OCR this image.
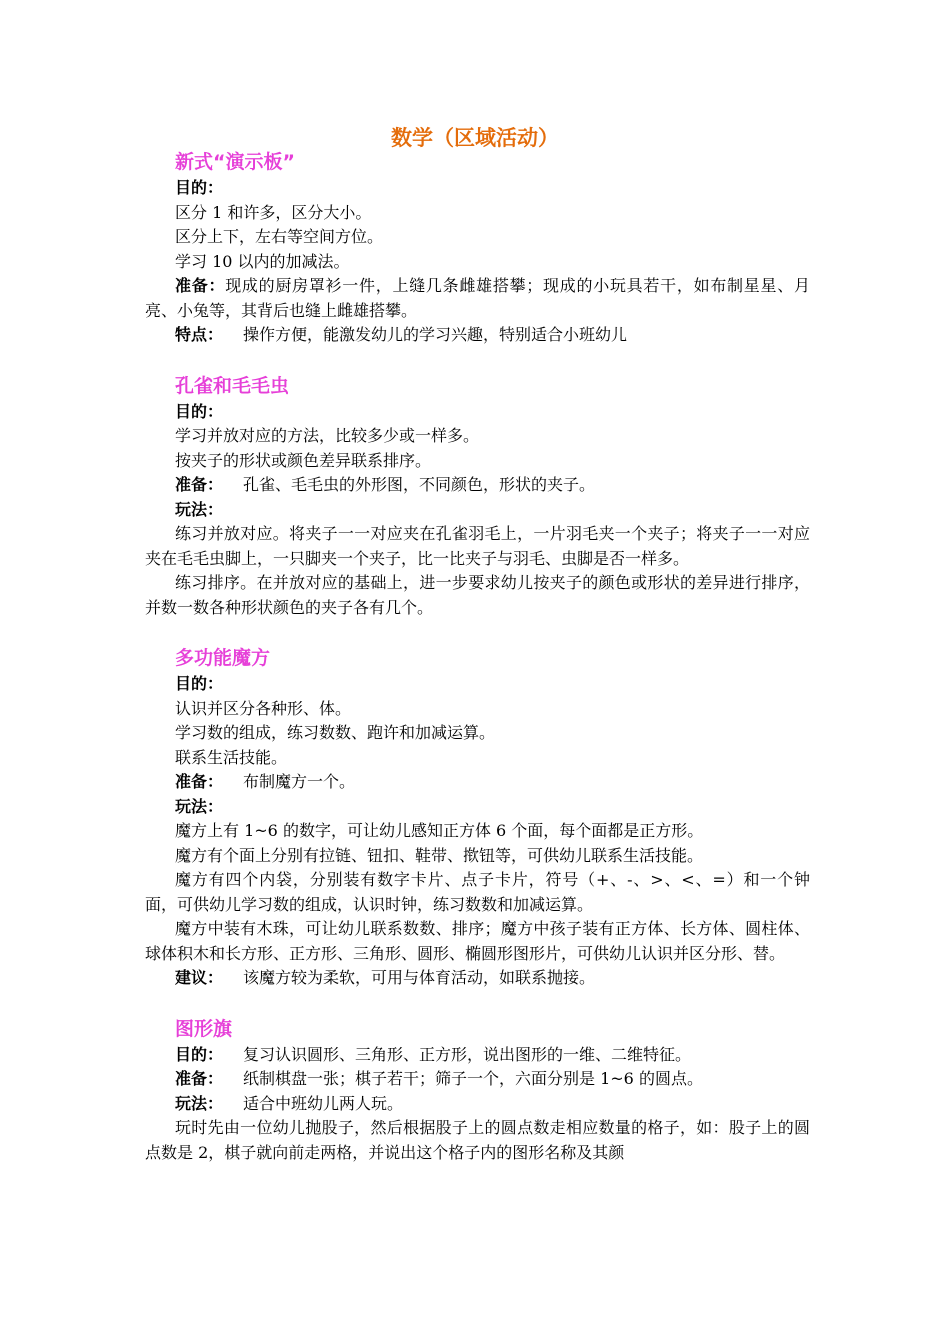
数学（区域活动）
新式“演示板”
目的：
区分 1 和许多，区分大小。
区分上下，左右等空间方位。
学习 10 以内的加减法。
准备：现成的厨房罩衫一件，上缝几条雌雄搭攀；现成的小玩具若干，如布制星星、月亮、小兔等，其背后也缝上雌雄搭攀。
特点： 操作方便，能激发幼儿的学习兴趣，特别适合小班幼儿
孔雀和毛毛虫
目的：
学习并放对应的方法，比较多少或一样多。
按夹子的形状或颜色差异联系排序。
准备： 孔雀、毛毛虫的外形图，不同颜色，形状的夹子。
玩法：
练习并放对应。将夹子一一对应夹在孔雀羽毛上，一片羽毛夹一个夹子；将夹子一一对应夹在毛毛虫脚上，一只脚夹一个夹子，比一比夹子与羽毛、虫脚是否一样多。
练习排序。在并放对应的基础上，进一步要求幼儿按夹子的颜色或形状的差异进行排序，并数一数各种形状颜色的夹子各有几个。
多功能魔方
目的：
认识并区分各种形、体。
学习数的组成，练习数数、跑许和加减运算。
联系生活技能。
准备： 布制魔方一个。
玩法：
魔方上有 1~6 的数字，可让幼儿感知正方体 6 个面，每个面都是正方形。
魔方有个面上分别有拉链、钮扣、鞋带、揿钮等，可供幼儿联系生活技能。
魔方有四个内袋，分别装有数字卡片、点子卡片，符号（+、-、>、<、=）和一个钟面，可供幼儿学习数的组成，认识时钟，练习数数和加减运算。
魔方中装有木珠，可让幼儿联系数数、排序；魔方中孩子装有正方体、长方体、圆柱体、球体积木和长方形、正方形、三角形、圆形、椭圆形图形片，可供幼儿认识并区分形、替。
建议： 该魔方较为柔软，可用与体育活动，如联系抛接。
图形旗
目的： 复习认识圆形、三角形、正方形，说出图形的一维、二维特征。
准备： 纸制棋盘一张；棋子若干；筛子一个，六面分别是 1~6 的圆点。
玩法： 适合中班幼儿两人玩。
玩时先由一位幼儿抛股子，然后根据股子上的圆点数走相应数量的格子，如：股子上的圆点数是 2，棋子就向前走两格，并说出这个格子内的图形名称及其颜
